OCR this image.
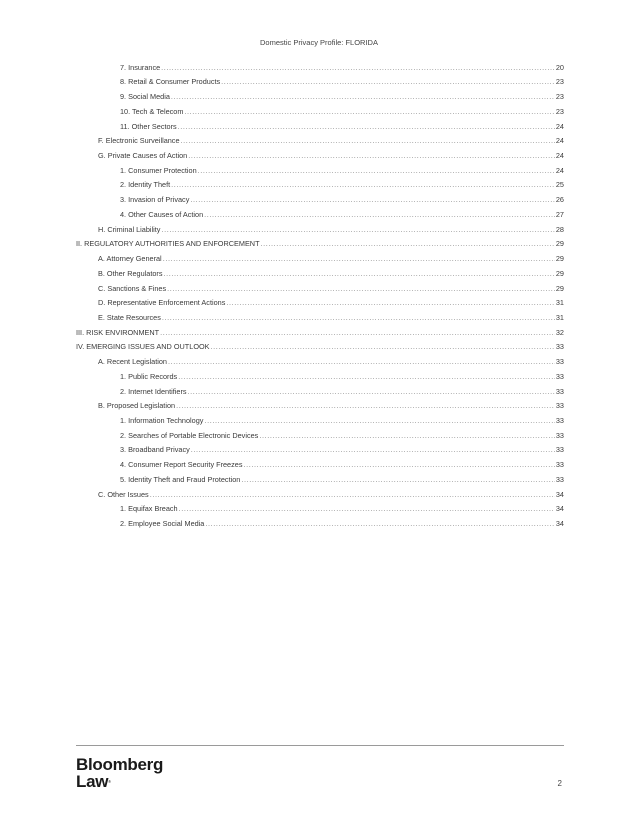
Domestic Privacy Profile: FLORIDA
7. Insurance .....	20
8. Retail & Consumer Products .....	23
9. Social Media .....	23
10. Tech & Telecom .....	23
11. Other Sectors .....	24
F. Electronic Surveillance .....	24
G. Private Causes of Action .....	24
1. Consumer Protection .....	24
2. Identity Theft .....	25
3. Invasion of Privacy .....	26
4. Other Causes of Action .....	27
H. Criminal Liability .....	28
II. REGULATORY AUTHORITIES AND ENFORCEMENT .....	29
A. Attorney General .....	29
B. Other Regulators .....	29
C. Sanctions & Fines .....	29
D. Representative Enforcement Actions .....	31
E. State Resources .....	31
III. RISK ENVIRONMENT .....	32
IV. EMERGING ISSUES AND OUTLOOK .....	33
A. Recent Legislation .....	33
1. Public Records .....	33
2. Internet Identifiers .....	33
B. Proposed Legislation .....	33
1. Information Technology .....	33
2. Searches of Portable Electronic Devices .....	33
3. Broadband Privacy .....	33
4. Consumer Report Security Freezes .....	33
5. Identity Theft and Fraud Protection .....	33
C. Other Issues .....	34
1. Equifax Breach .....	34
2. Employee Social Media .....	34
Bloomberg
Law®	2
